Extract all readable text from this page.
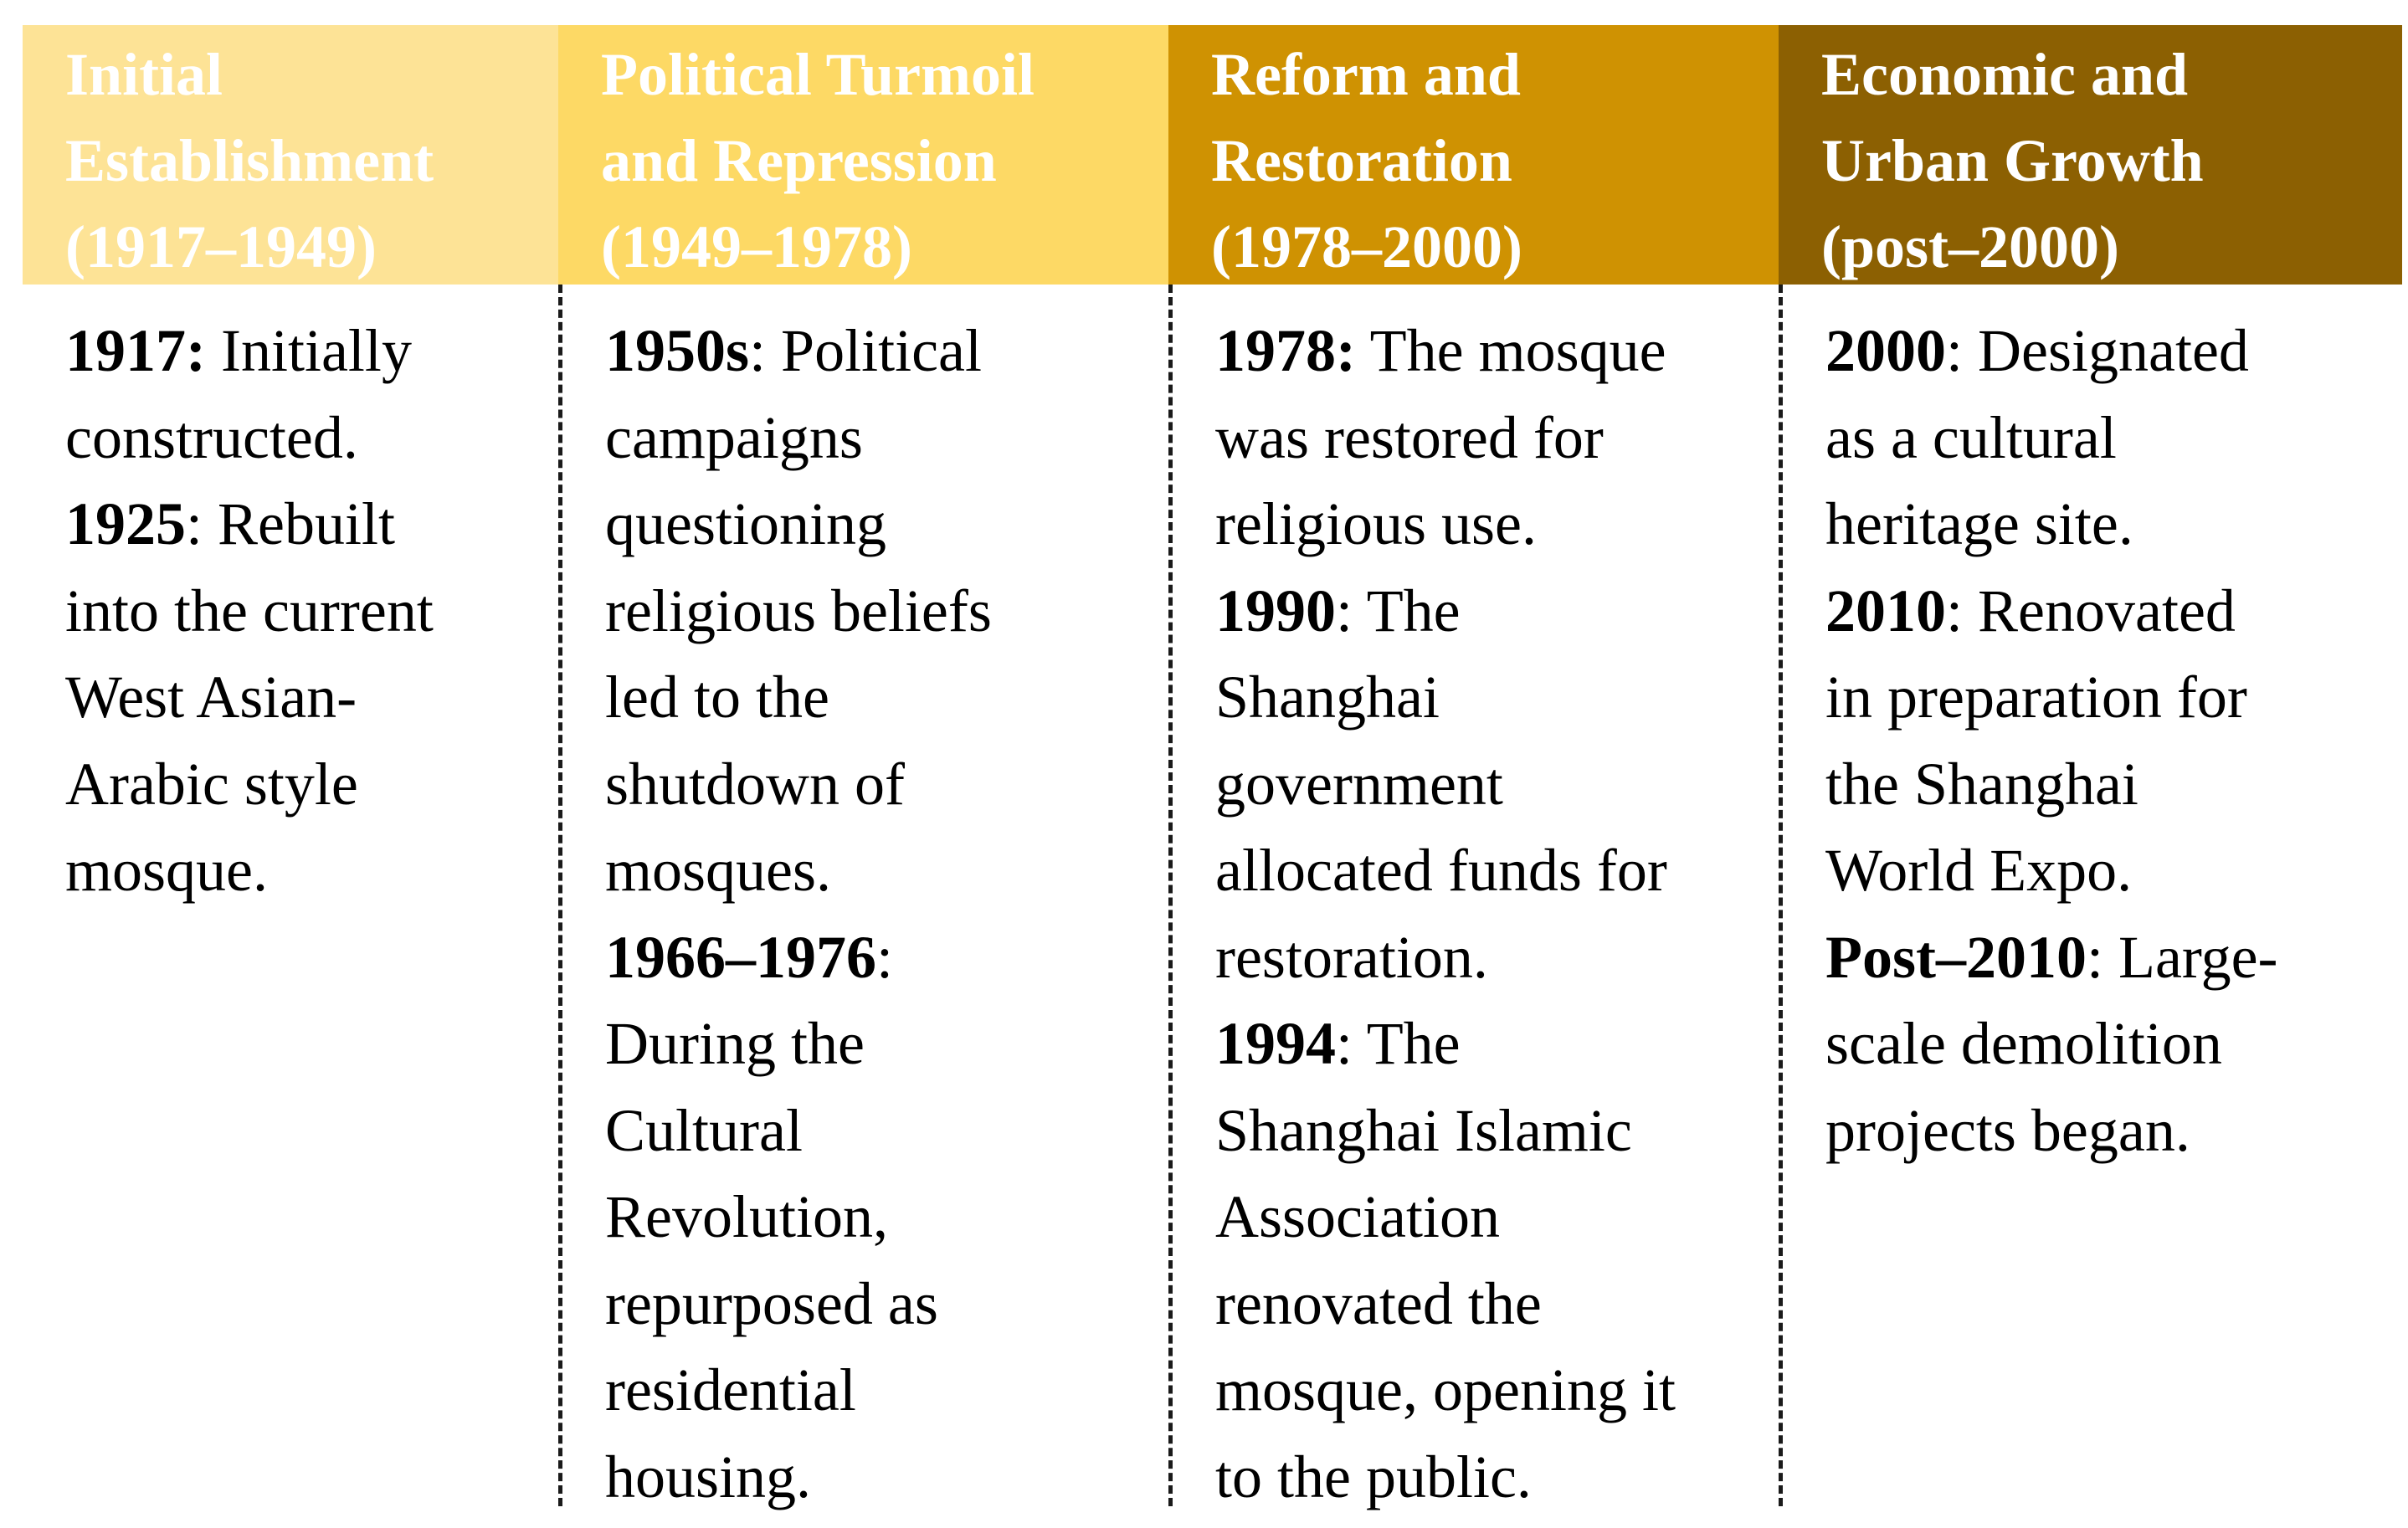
Initial
Establishment
(1917–1949)
1917: Initially
constructed.
1925: Rebuilt
into the current
West Asian-
Arabic style
mosque.
Political Turmoil
and Repression
(1949–1978)
1950s: Political
campaigns
questioning
religious beliefs
led to the
shutdown of
mosques.
1966–1976:
During the
Cultural
Revolution,
repurposed as
residential
housing.
Reform and
Restoration
(1978–2000)
1978: The mosque
was restored for
religious use.
1990: The
Shanghai
government
allocated funds for
restoration.
1994: The
Shanghai Islamic
Association
renovated the
mosque, opening it
to the public.
Economic and
Urban Growth
(post–2000)
2000: Designated
as a cultural
heritage site.
2010: Renovated
in preparation for
the Shanghai
World Expo.
Post–2010: Large-
scale demolition
projects began.
